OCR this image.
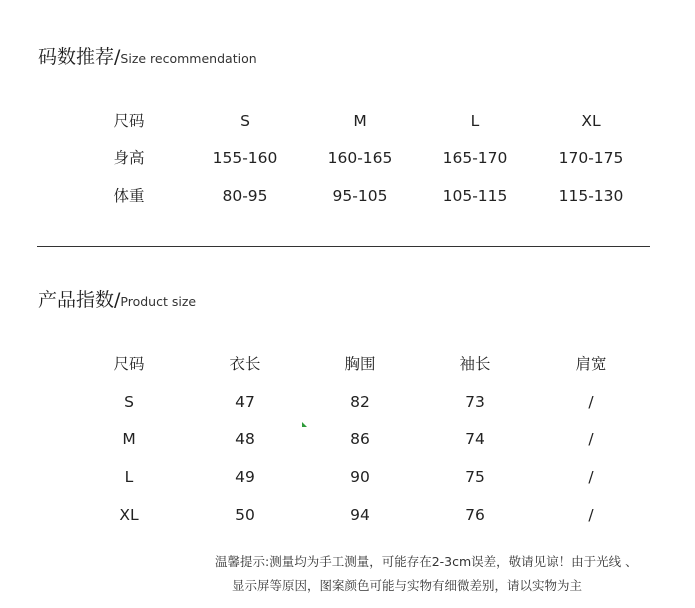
码数推荐 / Size recommendation
尺码	S	M	L	XL
身高	155-160	160-165	165-170	170-175
体重	80-95	95-105	105-115	115-130
产品指数 / Product size
尺码	衣长	胸围	袖长	肩宽
S	47	82	73	/
M	48	86	74	/
L	49	90	75	/
XL	50	94	76	/
温馨提示:测量均为手工测量，可能存在2-3cm误差，敬请见谅！由于光线 、
显示屏等原因，图案颜色可能与实物有细微差别，请以实物为主
